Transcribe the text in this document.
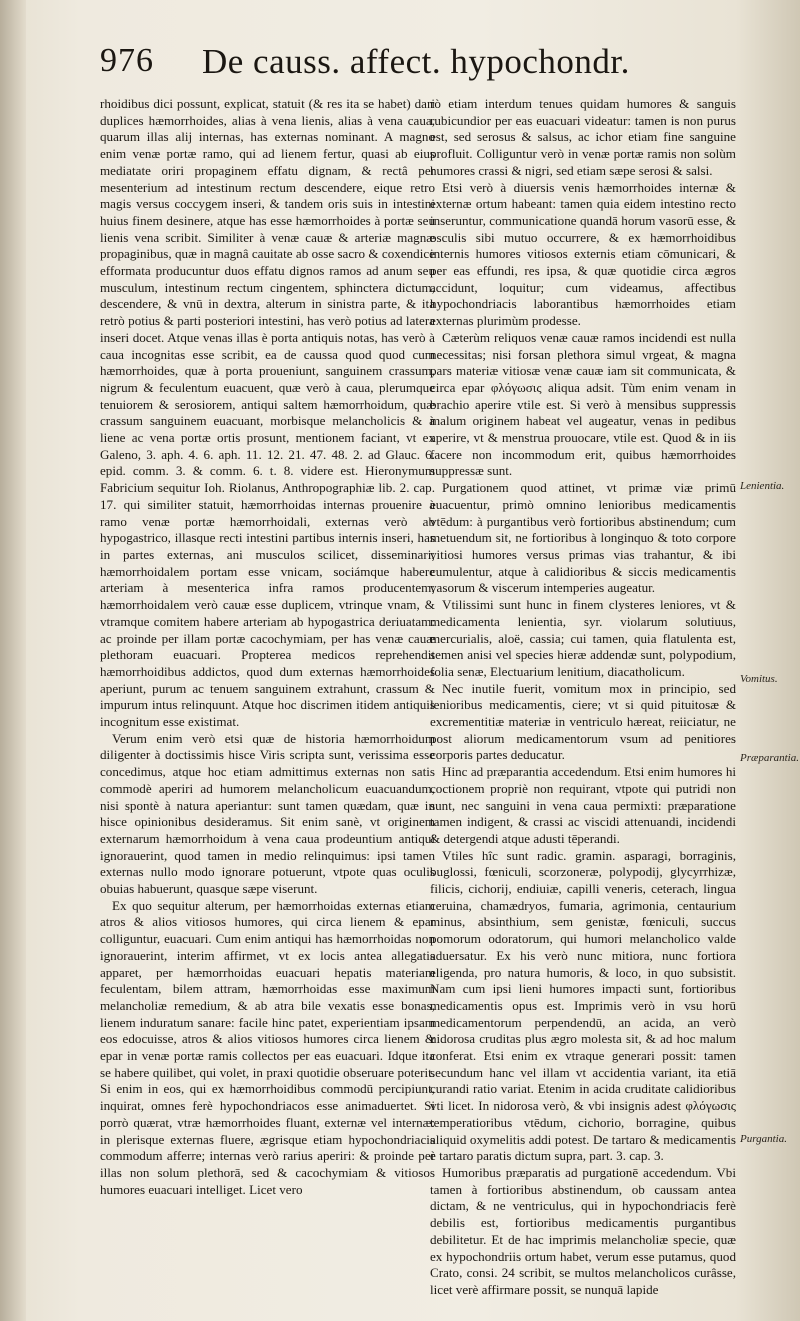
976 De causs. affect. hypochondr.

rhoidibus dici possunt, explicat, statuit (& res ita se habet) dari duplices hæmorrhoides, alias à vena lienis, alias à vena caua, quarum illas alij internas, has externas nominant. A magno enim venæ portæ ramo, qui ad lienem fertur, quasi ab eius mediatate oriri propaginem effatu dignam, & rectâ per mesenterium ad intestinum rectum descendere, eique retro magis versus coccygem inseri, & tandem oris suis in intestini huius finem desinere, atque has esse hæmorrhoides à portæ seu lienis vena scribit. Similiter à venæ cauæ & arteriæ magnæ propaginibus, quæ in magnâ cauitate ab osse sacro & coxendice efformata producuntur duos effatu dignos ramos ad anum seu musculum, intestinum rectum cingentem, sphinctera dictum, descendere, & vnū in dextra, alterum in sinistra parte, & ita retrò potius & parti posteriori intestini, has verò potius ad latera inseri docet. Atque venas illas è porta antiquis notas, has verò à caua incognitas esse scribit, ea de caussa quod quod cum hæmorrhoides, quæ à porta proueniunt, sanguinem crassum, nigrum & feculentum euacuent, quæ verò à caua, plerumque tenuiorem & serosiorem, antiqui saltem hæmorrhoidum, quæ crassum sanguinem euacuant, morbisque melancholicis & à liene ac vena portæ ortis prosunt, mentionem faciant, vt ex Galeno, 3. aph. 4. 6. aph. 11. 12. 21. 47. 48. 2. ad Glauc. 6. epid. comm. 3. & comm. 6. t. 8. videre est. Hieronymum Fabricium sequitur Ioh. Riolanus, Anthropographiæ lib. 2. cap. 17. qui similiter statuit, hæmorrhoidas internas prouenire à ramo venæ portæ hæmorrhoidali, externas verò ab hypogastrico, illasque recti intestini partibus internis inseri, has in partes externas, ani musculos scilicet, disseminari; hæmorrhoidalem portam esse vnicam, sociámque habere arteriam à mesenterica infra ramos producentem; hæmorrhoidalem verò cauæ esse duplicem, vtrinque vnam, & vtramque comitem habere arteriam ab hypogastrica deriuatam: ac proinde per illam portæ cacochymiam, per has venæ cauæ plethoram euacuari. Propterea medicos reprehendit hæmorrhoidibus addictos, quod dum externas hæmorrhoides aperiunt, purum ac tenuem sanguinem extrahunt, crassum & impurum intus relinquunt. Atque hoc discrimen itidem antiquis incognitum esse existimat.

Verum enim verò etsi quæ de historia hæmorrhoidum diligenter à doctissimis hisce Viris scripta sunt, verissima esse concedimus, atque hoc etiam admittimus externas non satis commodè aperiri ad humorem melancholicum euacuandum, nisi spontè à natura aperiantur: sunt tamen quædam, quæ in hisce opinionibus desideramus. Sit enim sanè, vt originem externarum hæmorrhoidum à vena caua prodeuntium antiqui ignorauerint, quod tamen in medio relinquimus: ipsi tamen externas nullo modo ignorare potuerunt, vtpote quas oculis obuias habuerunt, quasque sæpe viserunt.

Ex quo sequitur alterum, per hæmorrhoidas externas etiam atros & alios vitiosos humores, qui circa lienem & epar colliguntur, euacuari. Cum enim antiqui has hæmorrhoidas non ignorauerint, interim affirmet, vt ex locis antea allegatis apparet, per hæmorrhoidas euacuari hepatis materiam feculentam, bilem attram, hæmorrhoidas esse maximum melancholiæ remedium, & ab atra bile vexatis esse bonas, lienem induratum sanare: facile hinc patet, experientiam ipsam eos edocuisse, atros & alios vitiosos humores circa lienem & epar in venæ portæ ramis collectos per eas euacuari. Idque ita se habere quilibet, qui volet, in praxi quotidie obseruare poterit. Si enim in eos, qui ex hæmorrhoidibus commodū percipiunt, inquirat, omnes ferè hypochondriacos esse animaduertet. Si porrò quærat, vtræ hæmorrhoides fluant, externæ vel internæ: in plerisque externas fluere, ægrisque etiam hypochondriacis commodum afferre; internas verò rarius aperiri: & proinde per illas non solum plethorā, sed & cacochymiam & vitiosos humores euacuari intelliget. Licet vero

rò etiam interdum tenues quidam humores & sanguis rubicundior per eas euacuari videatur: tamen is non purus est, sed serosus & salsus, ac ichor etiam fine sanguine profluit. Colliguntur verò in venæ portæ ramis non solùm humores crassi & nigri, sed etiam sæpe serosi & salsi.

Etsi verò à diuersis venis hæmorrhoides internæ & externæ ortum habeant: tamen quia eidem intestino recto inseruntur, communicatione quandā horum vasorū esse, & osculis sibi mutuo occurrere, & ex hæmorrhoidibus internis humores vitiosos externis etiam cōmunicari, & per eas effundi, res ipsa, & quæ quotidie circa ægros accidunt, loquitur; cum videamus, affectibus hypochondriacis laborantibus hæmorrhoides etiam externas plurimùm prodesse.

Cæterùm reliquos venæ cauæ ramos incidendi est nulla necessitas; nisi forsan plethora simul vrgeat, & magna pars materiæ vitiosæ venæ cauæ iam sit communicata, & circa epar φλόγωσις aliqua adsit. Tùm enim venam in brachio aperire vtile est. Si verò à mensibus suppressis malum originem habeat vel augeatur, venas in pedibus aperire, vt & menstrua prouocare, vtile est. Quod & in iis facere non incommodum erit, quibus hæmorrhoides suppressæ sunt.

Purgationem quod attinet, vt primæ viæ primū euacuentur, primò omnino lenioribus medicamentis vtēdum: à purgantibus verò fortioribus abstinendum; cum metuendum sit, ne fortioribus à longinquo & toto corpore vitiosi humores versus primas vias trahantur, & ibi cumulentur, atque à calidioribus & siccis medicamentis vasorum & viscerum intemperies augeatur.

Vtilissimi sunt hunc in finem clysteres leniores, vt & medicamenta lenientia, syr. violarum solutiuus, mercurialis, aloë, cassia; cui tamen, quia flatulenta est, semen anisi vel species hieræ addendæ sunt, polypodium, folia senæ, Electuarium lenitium, diacatholicum.

Nec inutile fuerit, vomitum mox in principio, sed lenioribus medicamentis, ciere; vt si quid pituitosæ & excrementitiæ materiæ in ventriculo hæreat, reiiciatur, ne post aliorum medicamentorum vsum ad penitiores corporis partes deducatur.

Hinc ad præparantia accedendum. Etsi enim humores hi coctionem propriè non requirant, vtpote qui putridi non sunt, nec sanguini in vena caua permixti: præparatione tamen indigent, & crassi ac viscidi attenuandi, incidendi & detergendi atque adusti tēperandi.

Vtiles hîc sunt radic. gramin. asparagi, borraginis, buglossi, fœniculi, scorzoneræ, polypodij, glycyrrhizæ, filicis, cichorij, endiuiæ, capilli veneris, ceterach, lingua ceruina, chamædryos, fumaria, agrimonia, centaurium minus, absinthium, sem genistæ, fœniculi, succus pomorum odoratorum, qui humori melancholico valde aduersatur. Ex his verò nunc mitiora, nunc fortiora eligenda, pro natura humoris, & loco, in quo subsistit. Nam cum ipsi lieni humores impacti sunt, fortioribus medicamentis opus est. Imprimis verò in vsu horū medicamentorum perpendendū, an acida, an verò nidorosa cruditas plus ægro molesta sit, & ad hoc malum conferat. Etsi enim ex vtraque generari possit: tamen secundum hanc vel illam vt accidentia variant, ita etiā curandi ratio variat. Etenim in acida cruditate calidioribus vti licet. In nidorosa verò, & vbi insignis adest φλόγωσις temperatioribus vtēdum, cichorio, borragine, quibus aliquid oxymelitis addi potest. De tartaro & medicamentis è tartaro paratis dictum supra, part. 3. cap. 3.

Humoribus præparatis ad purgationē accedendum. Vbi tamen à fortioribus abstinendum, ob caussam antea dictam, & ne ventriculus, qui in hypochondriacis ferè debilis est, fortioribus medicamentis purgantibus debilitetur. Et de hac imprimis melancholiæ specie, quæ ex hypochondriis ortum habet, verum esse putamus, quod Crato, consi. 24 scribit, se multos melancholicos curâsse, licet verè affirmare possit, se nunquā lapide

Lenientia.
Vomitus.
Præparantia.
Purgantia.
